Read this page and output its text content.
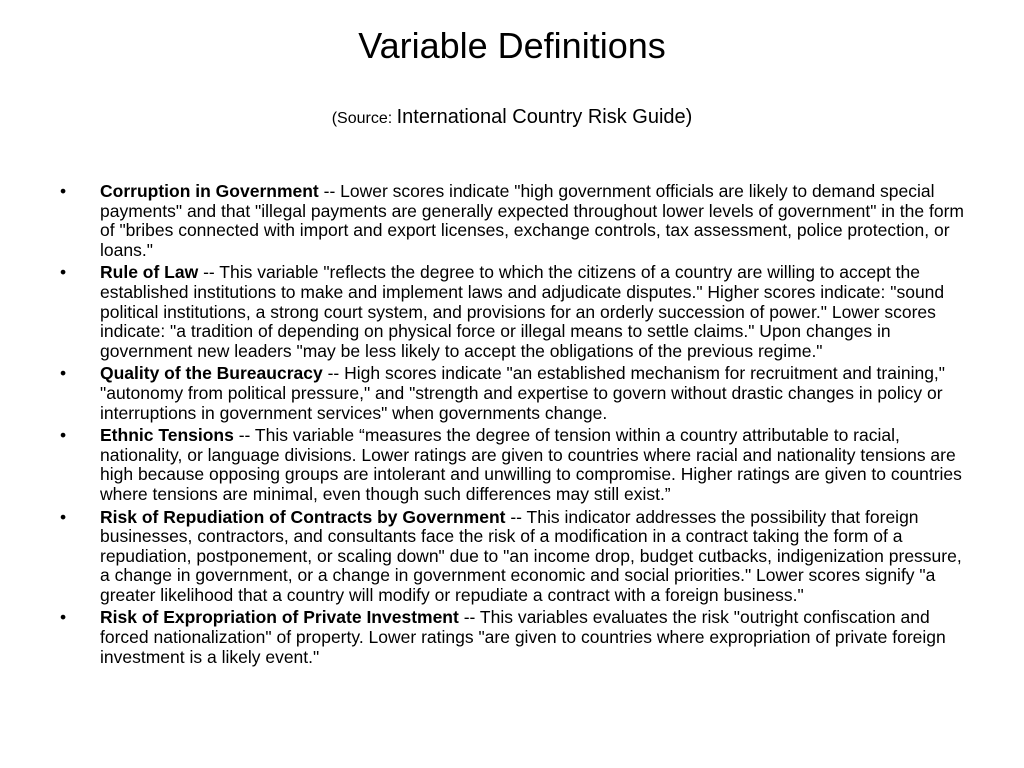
Variable Definitions
(Source: International Country Risk Guide)
• Corruption in Government -- Lower scores indicate "high government officials are likely to demand special payments" and that "illegal payments are generally expected throughout lower levels of government" in the form of "bribes connected with import and export licenses, exchange controls, tax assessment, police protection, or loans."
• Rule of Law -- This variable "reflects the degree to which the citizens of a country are willing to accept the established institutions to make and implement laws and adjudicate disputes." Higher scores indicate: "sound political institutions, a strong court system, and provisions for an orderly succession of power." Lower scores indicate: "a tradition of depending on physical force or illegal means to settle claims." Upon changes in government new leaders "may be less likely to accept the obligations of the previous regime."
• Quality of the Bureaucracy -- High scores indicate "an established mechanism for recruitment and training," "autonomy from political pressure," and "strength and expertise to govern without drastic changes in policy or interruptions in government services" when governments change.
• Ethnic Tensions -- This variable “measures the degree of tension within a country attributable to racial, nationality, or language divisions. Lower ratings are given to countries where racial and nationality tensions are high because opposing groups are intolerant and unwilling to compromise. Higher ratings are given to countries where tensions are minimal, even though such differences may still exist.”
• Risk of Repudiation of Contracts by Government -- This indicator addresses the possibility that foreign businesses, contractors, and consultants face the risk of a modification in a contract taking the form of a repudiation, postponement, or scaling down" due to "an income drop, budget cutbacks, indigenization pressure, a change in government, or a change in government economic and social priorities." Lower scores signify "a greater likelihood that a country will modify or repudiate a contract with a foreign business."
• Risk of Expropriation of Private Investment -- This variables evaluates the risk "outright confiscation and forced nationalization" of property. Lower ratings "are given to countries where expropriation of private foreign investment is a likely event."
